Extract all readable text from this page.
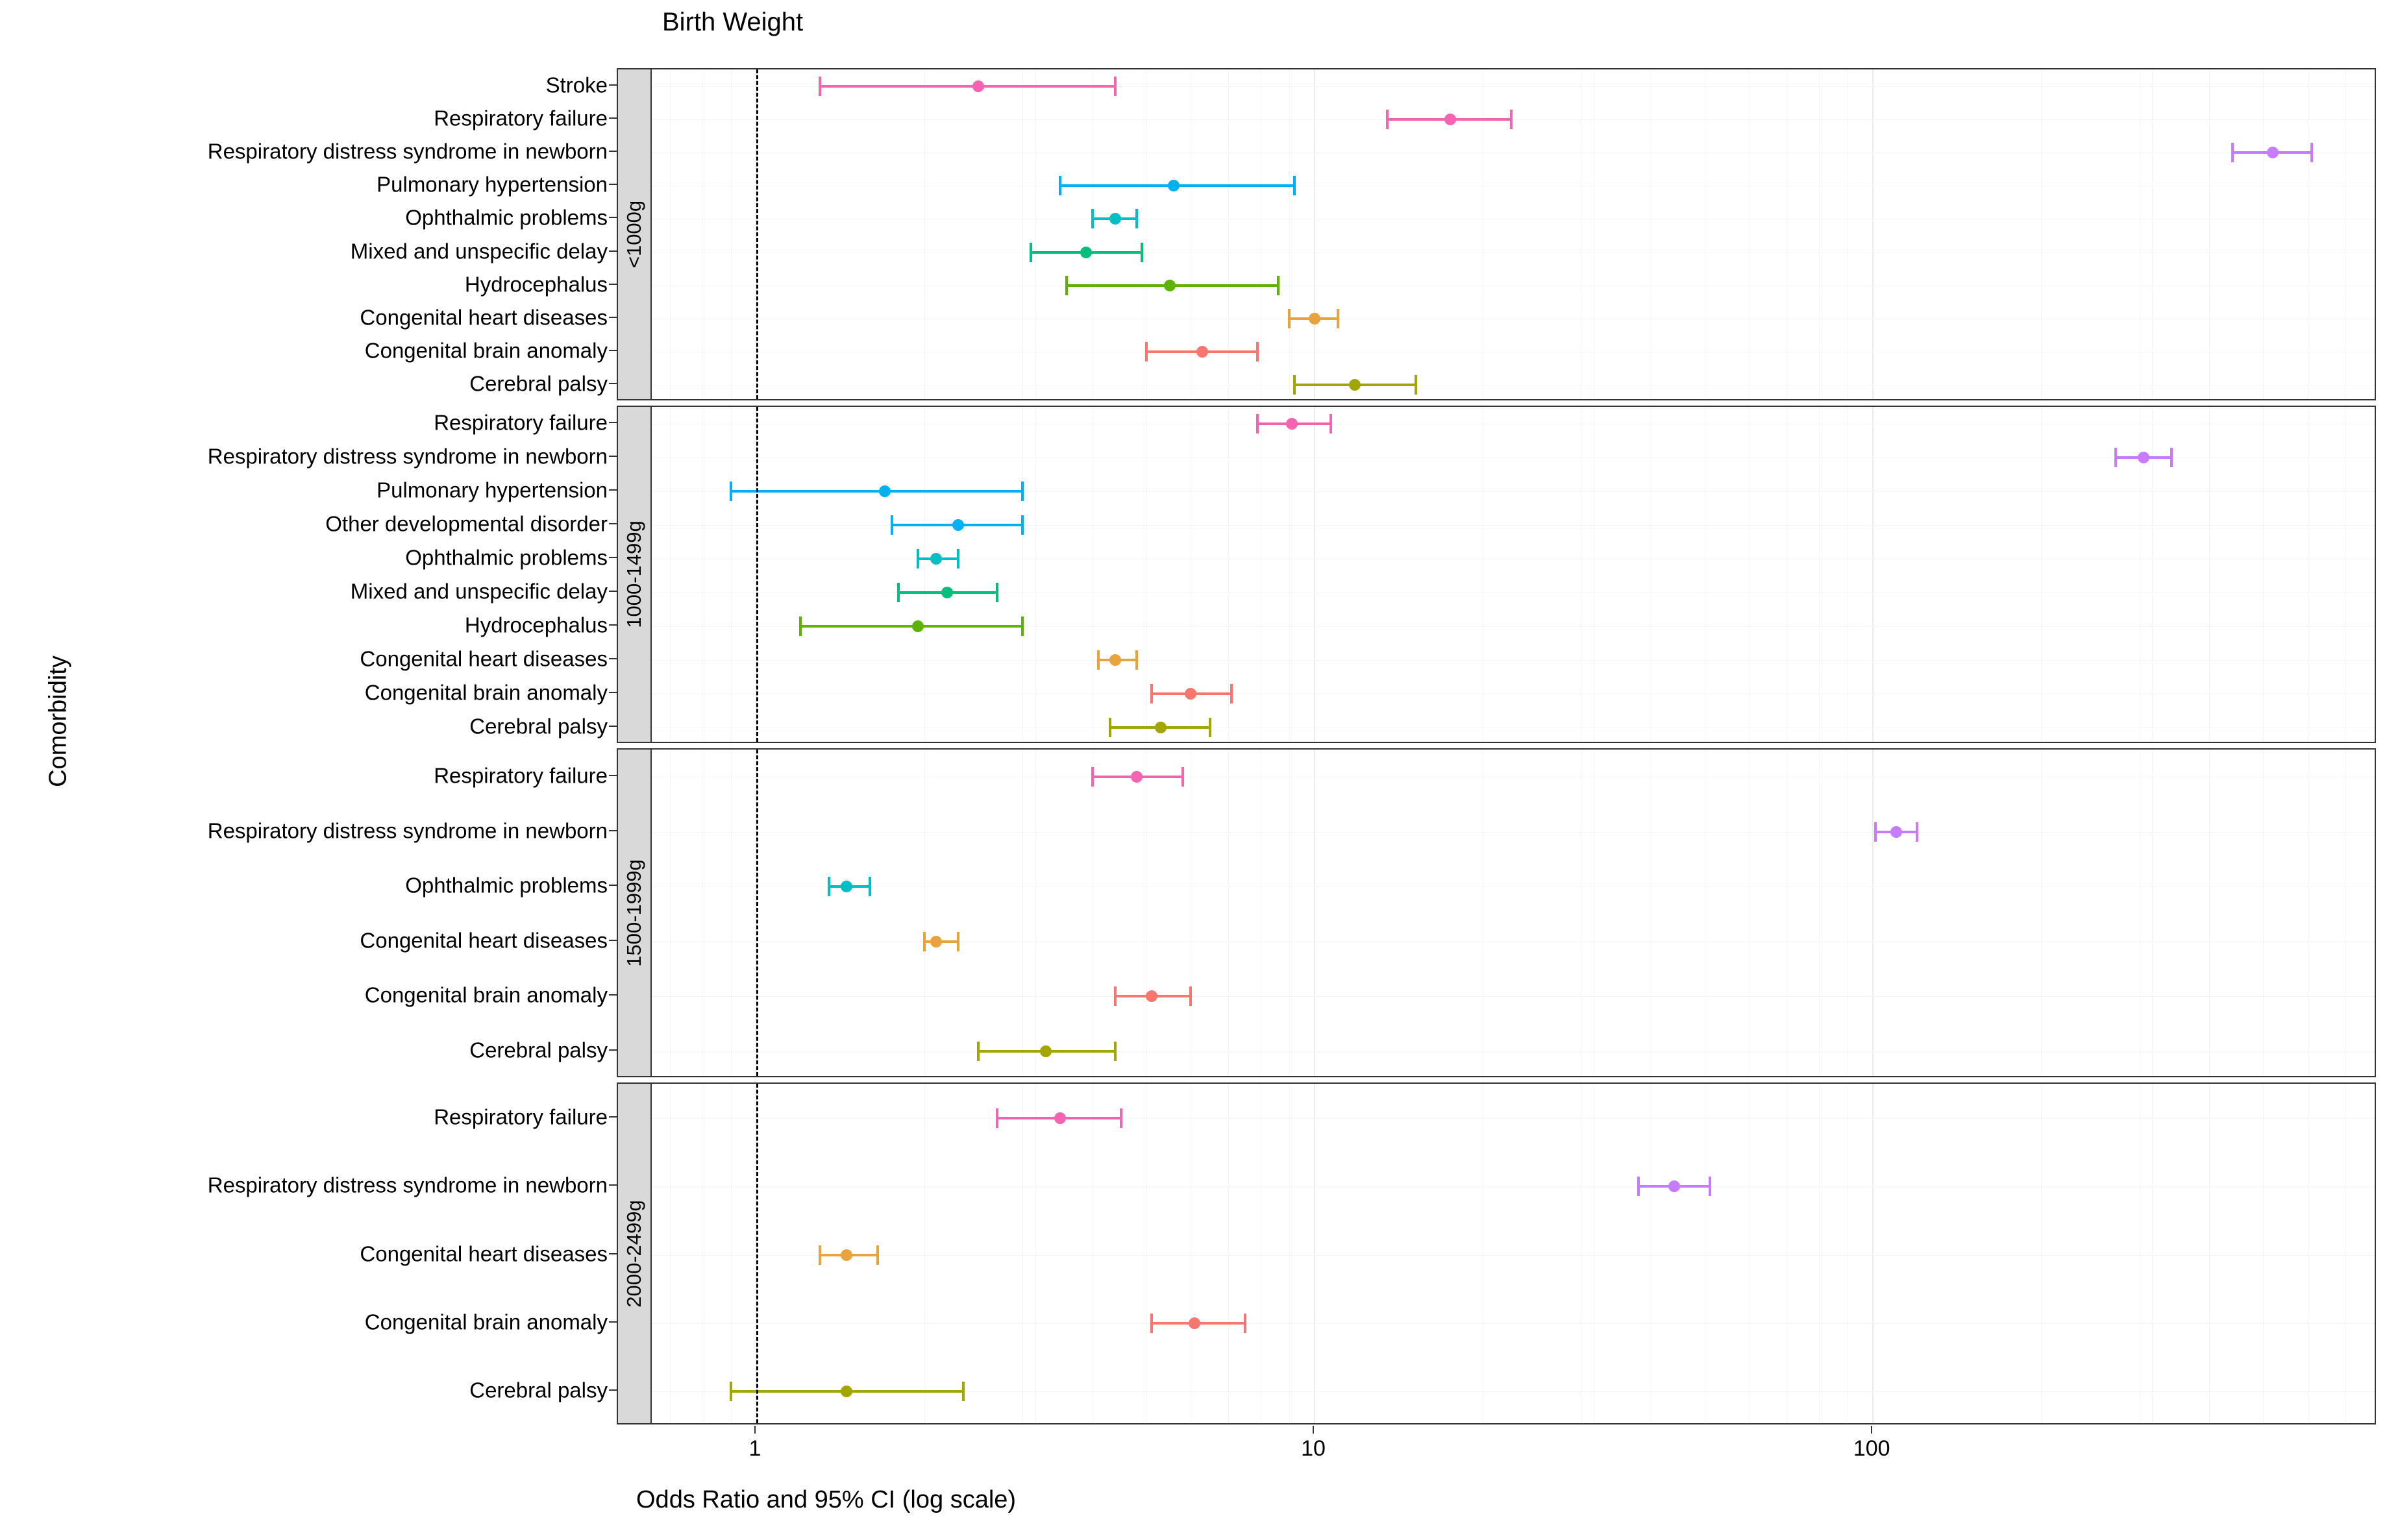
Birth Weight
Comorbidity
Odds Ratio and 95% CI (log scale)
<1000g
1000-1499g
1500-1999g
2000-2499g
1	10	100
Stroke
Respiratory failure
Respiratory distress syndrome in newborn
Pulmonary hypertension
Ophthalmic problems
Mixed and unspecific delay
Hydrocephalus
Congenital heart diseases
Congenital brain anomaly
Cerebral palsy
Respiratory failure
Respiratory distress syndrome in newborn
Pulmonary hypertension
Other developmental disorder
Ophthalmic problems
Mixed and unspecific delay
Hydrocephalus
Congenital heart diseases
Congenital brain anomaly
Cerebral palsy
Respiratory failure
Respiratory distress syndrome in newborn
Ophthalmic problems
Congenital heart diseases
Congenital brain anomaly
Cerebral palsy
Respiratory failure
Respiratory distress syndrome in newborn
Congenital heart diseases
Congenital brain anomaly
Cerebral palsy
